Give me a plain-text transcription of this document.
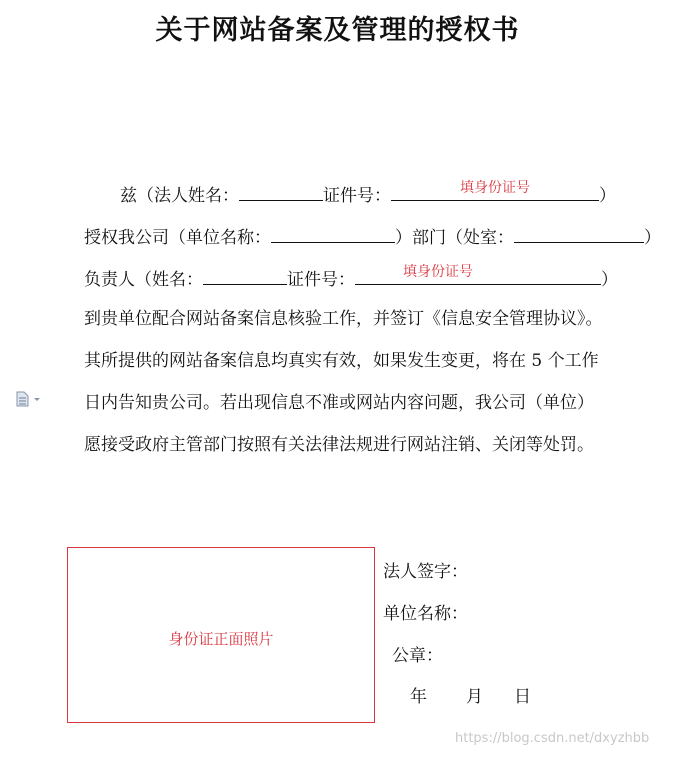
关于网站备案及管理的授权书
兹（法人姓名：	证件号：	填身份证号	）
授权我公司（单位名称：	）部门（处室：	）
负责人（姓名：	证件号：	填身份证号	）
到贵单位配合网站备案信息核验工作，并签订《信息安全管理协议》。
其所提供的网站备案信息均真实有效，如果发生变更，将在 5 个工作
日内告知贵公司。若出现信息不准或网站内容问题，我公司（单位）
愿接受政府主管部门按照有关法律法规进行网站注销、关闭等处罚。
身份证正面照片
法人签字：
单位名称：
公章：
年 月 日
https://blog.csdn.net/dxyzhbb
